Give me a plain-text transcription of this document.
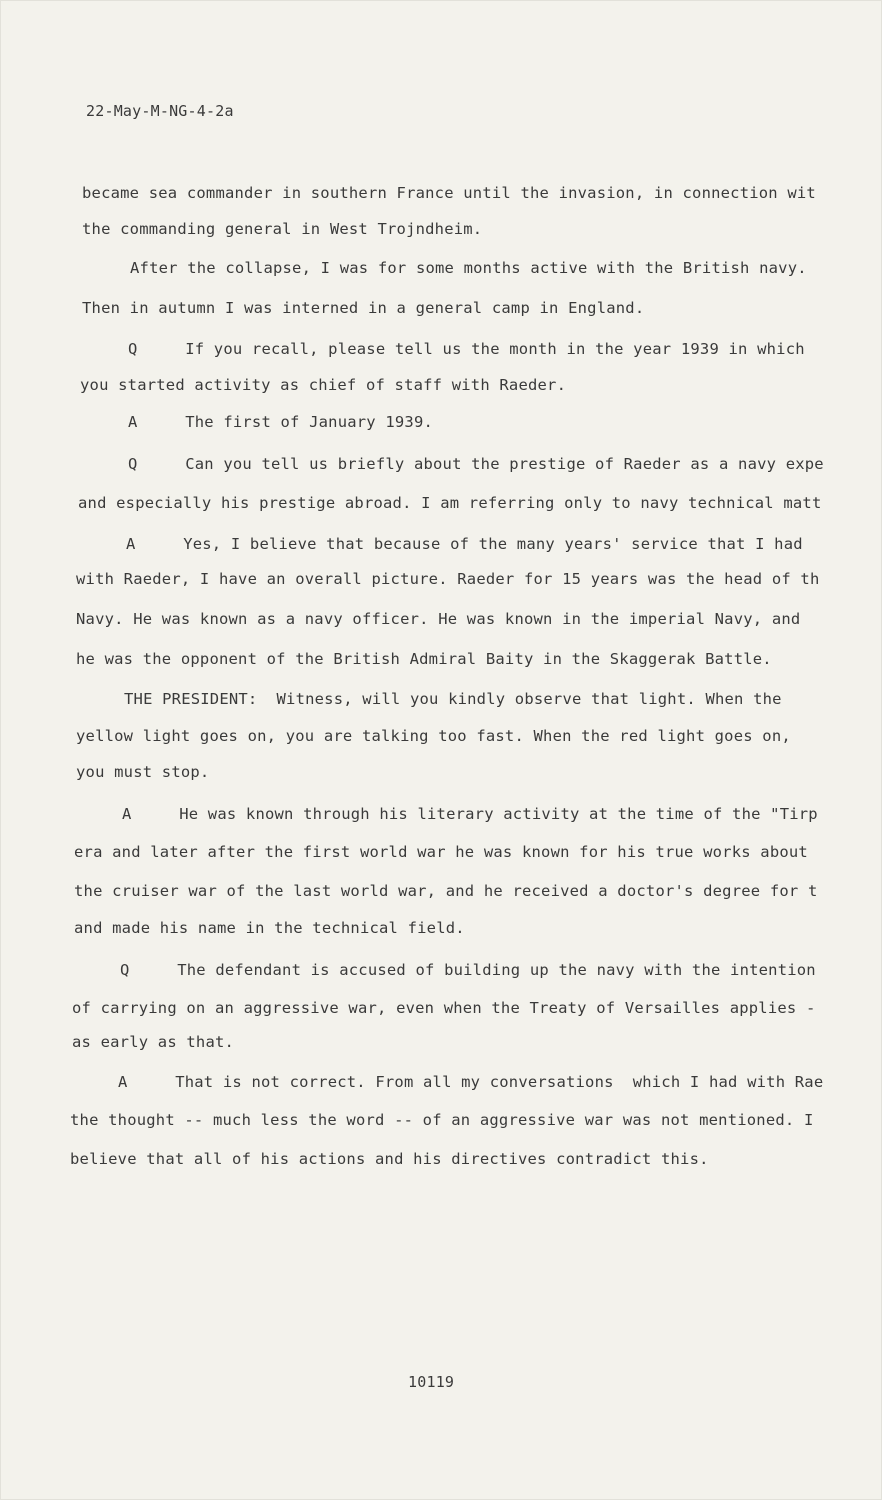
22-May-M-NG-4-2a
became sea commander in southern France until the invasion, in connection wit
the commanding general in West Trojndheim.
After the collapse, I was for some months active with the British navy.
Then in autumn I was interned in a general camp in England.
Q     If you recall, please tell us the month in the year 1939 in which
you started activity as chief of staff with Raeder.
A     The first of January 1939.
Q     Can you tell us briefly about the prestige of Raeder as a navy expe
and especially his prestige abroad. I am referring only to navy technical matt
A     Yes, I believe that because of the many years' service that I had
with Raeder, I have an overall picture. Raeder for 15 years was the head of th
Navy. He was known as a navy officer. He was known in the imperial Navy, and
he was the opponent of the British Admiral Baity in the Skaggerak Battle.
THE PRESIDENT:  Witness, will you kindly observe that light. When the
yellow light goes on, you are talking too fast. When the red light goes on,
you must stop.
A     He was known through his literary activity at the time of the "Tirp
era and later after the first world war he was known for his true works about
the cruiser war of the last world war, and he received a doctor's degree for t
and made his name in the technical field.
Q     The defendant is accused of building up the navy with the intention
of carrying on an aggressive war, even when the Treaty of Versailles applies -
as early as that.
A     That is not correct. From all my conversations  which I had with Rae
the thought -- much less the word -- of an aggressive war was not mentioned. I
believe that all of his actions and his directives contradict this.
10119
